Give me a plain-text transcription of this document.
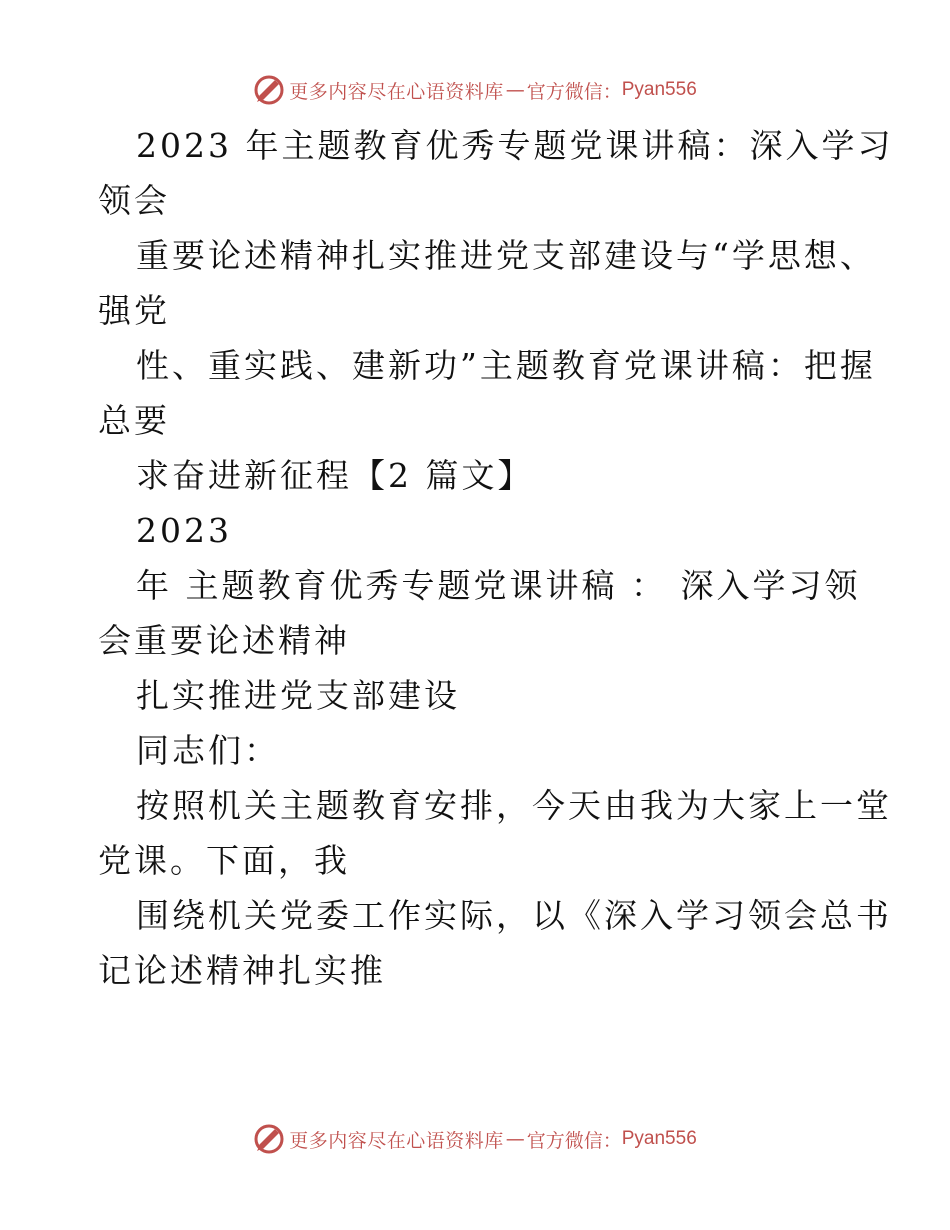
更多内容尽在心语资料库 — 官方微信： Pyan556
2023 年主题教育优秀专题党课讲稿：深入学习
领会
重要论述精神扎实推进党支部建设与“学思想、
强党
性、重实践、建新功”主题教育党课讲稿：把握
总要
求奋进新征程【2 篇文】
2023
年 主题教育优秀专题党课讲稿 ： 深入学习领
会重要论述精神
扎实推进党支部建设
同志们：
按照机关主题教育安排，今天由我为大家上一堂
党课。下面，我
围绕机关党委工作实际，以《深入学习领会总书
记论述精神扎实推
更多内容尽在心语资料库 — 官方微信： Pyan556
